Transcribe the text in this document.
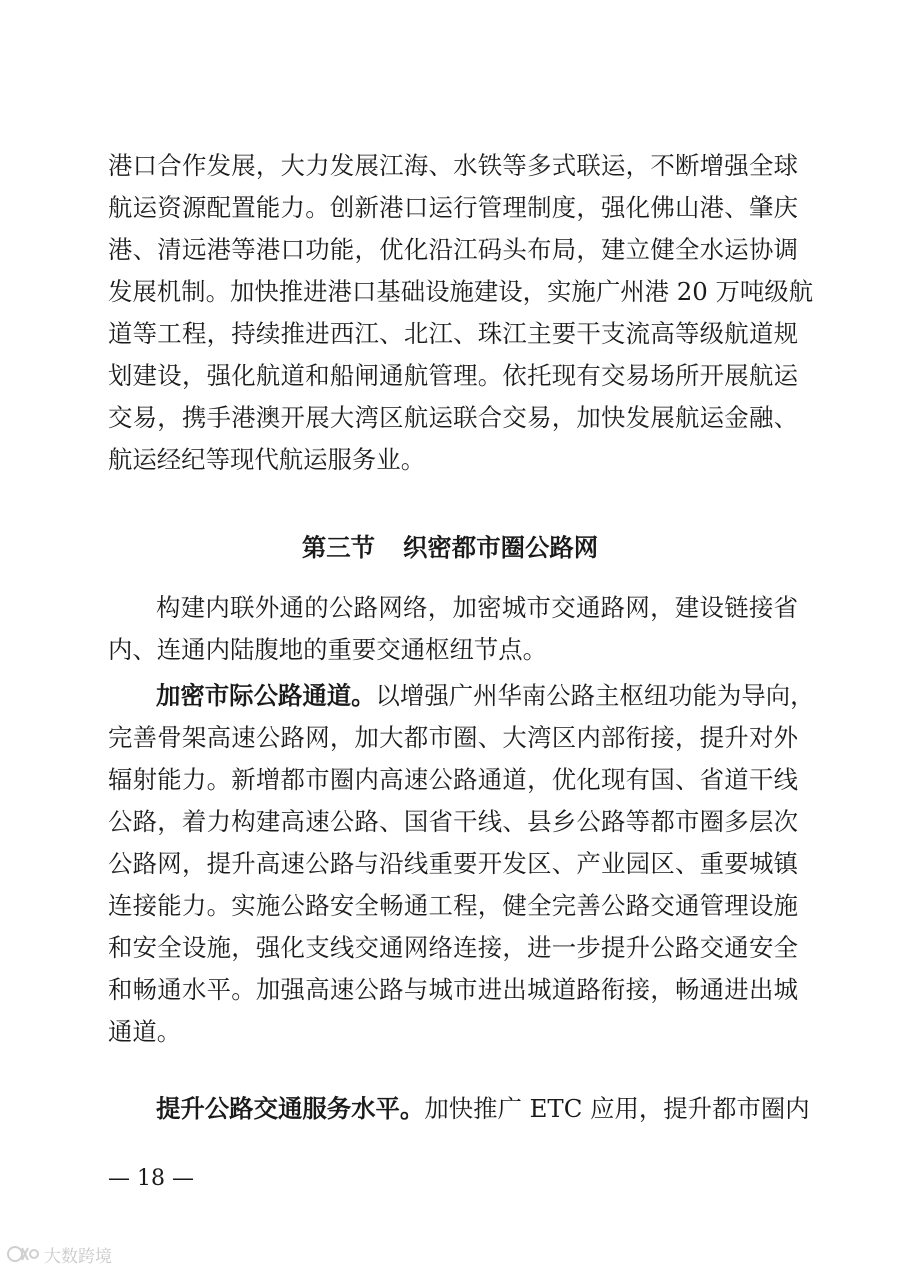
港口合作发展，大力发展江海、水铁等多式联运，不断增强全球
航运资源配置能力。创新港口运行管理制度，强化佛山港、肇庆
港、清远港等港口功能，优化沿江码头布局，建立健全水运协调
发展机制。加快推进港口基础设施建设，实施广州港 20 万吨级航
道等工程，持续推进西江、北江、珠江主要干支流高等级航道规
划建设，强化航道和船闸通航管理。依托现有交易场所开展航运
交易，携手港澳开展大湾区航运联合交易，加快发展航运金融、
航运经纪等现代航运服务业。
第三节 织密都市圈公路网
构建内联外通的公路网络，加密城市交通路网，建设链接省
内、连通内陆腹地的重要交通枢纽节点。
加密市际公路通道。以增强广州华南公路主枢纽功能为导向，
完善骨架高速公路网，加大都市圈、大湾区内部衔接，提升对外
辐射能力。新增都市圈内高速公路通道，优化现有国、省道干线
公路，着力构建高速公路、国省干线、县乡公路等都市圈多层次
公路网，提升高速公路与沿线重要开发区、产业园区、重要城镇
连接能力。实施公路安全畅通工程，健全完善公路交通管理设施
和安全设施，强化支线交通网络连接，进一步提升公路交通安全
和畅通水平。加强高速公路与城市进出城道路衔接，畅通进出城
通道。
提升公路交通服务水平。加快推广 ETC 应用，提升都市圈内
— 18 —
大数跨境
